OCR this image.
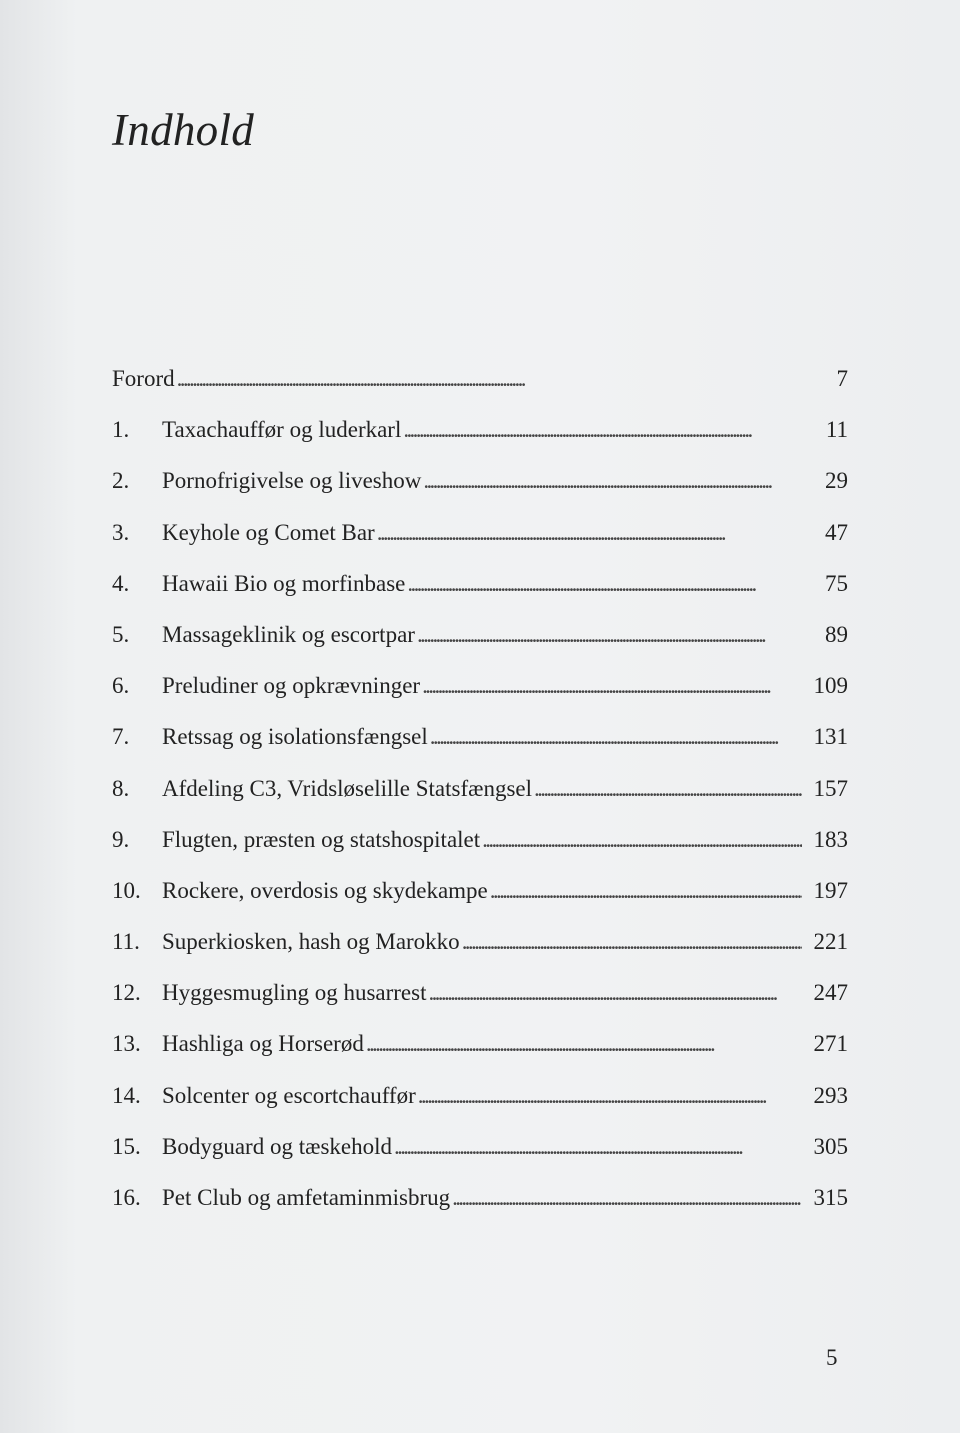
Indhold
Forord . . .	7
1.	Taxachauffør og luderkarl . . .	11
2.	Pornofrigivelse og liveshow . . .	29
3.	Keyhole og Comet Bar . . .	47
4.	Hawaii Bio og morfinbase . . .	75
5.	Massageklinik og escortpar . . .	89
6.	Preludiner og opkrævninger . . .	109
7.	Retssag og isolationsfængsel . . .	131
8.	Afdeling C3, Vridsløselille Statsfængsel . . .	157
9.	Flugten, præsten og statshospitalet . . .	183
10. Rockere, overdosis og skydekampe . . .	197
11. Superkiosken, hash og Marokko . . .	221
12. Hyggesmugling og husarrest . . .	247
13. Hashliga og Horserød . . .	271
14. Solcenter og escortchauffør . . .	293
15. Bodyguard og tæskehold . . .	305
16. Pet Club og amfetaminmisbrug . . .	315
5
